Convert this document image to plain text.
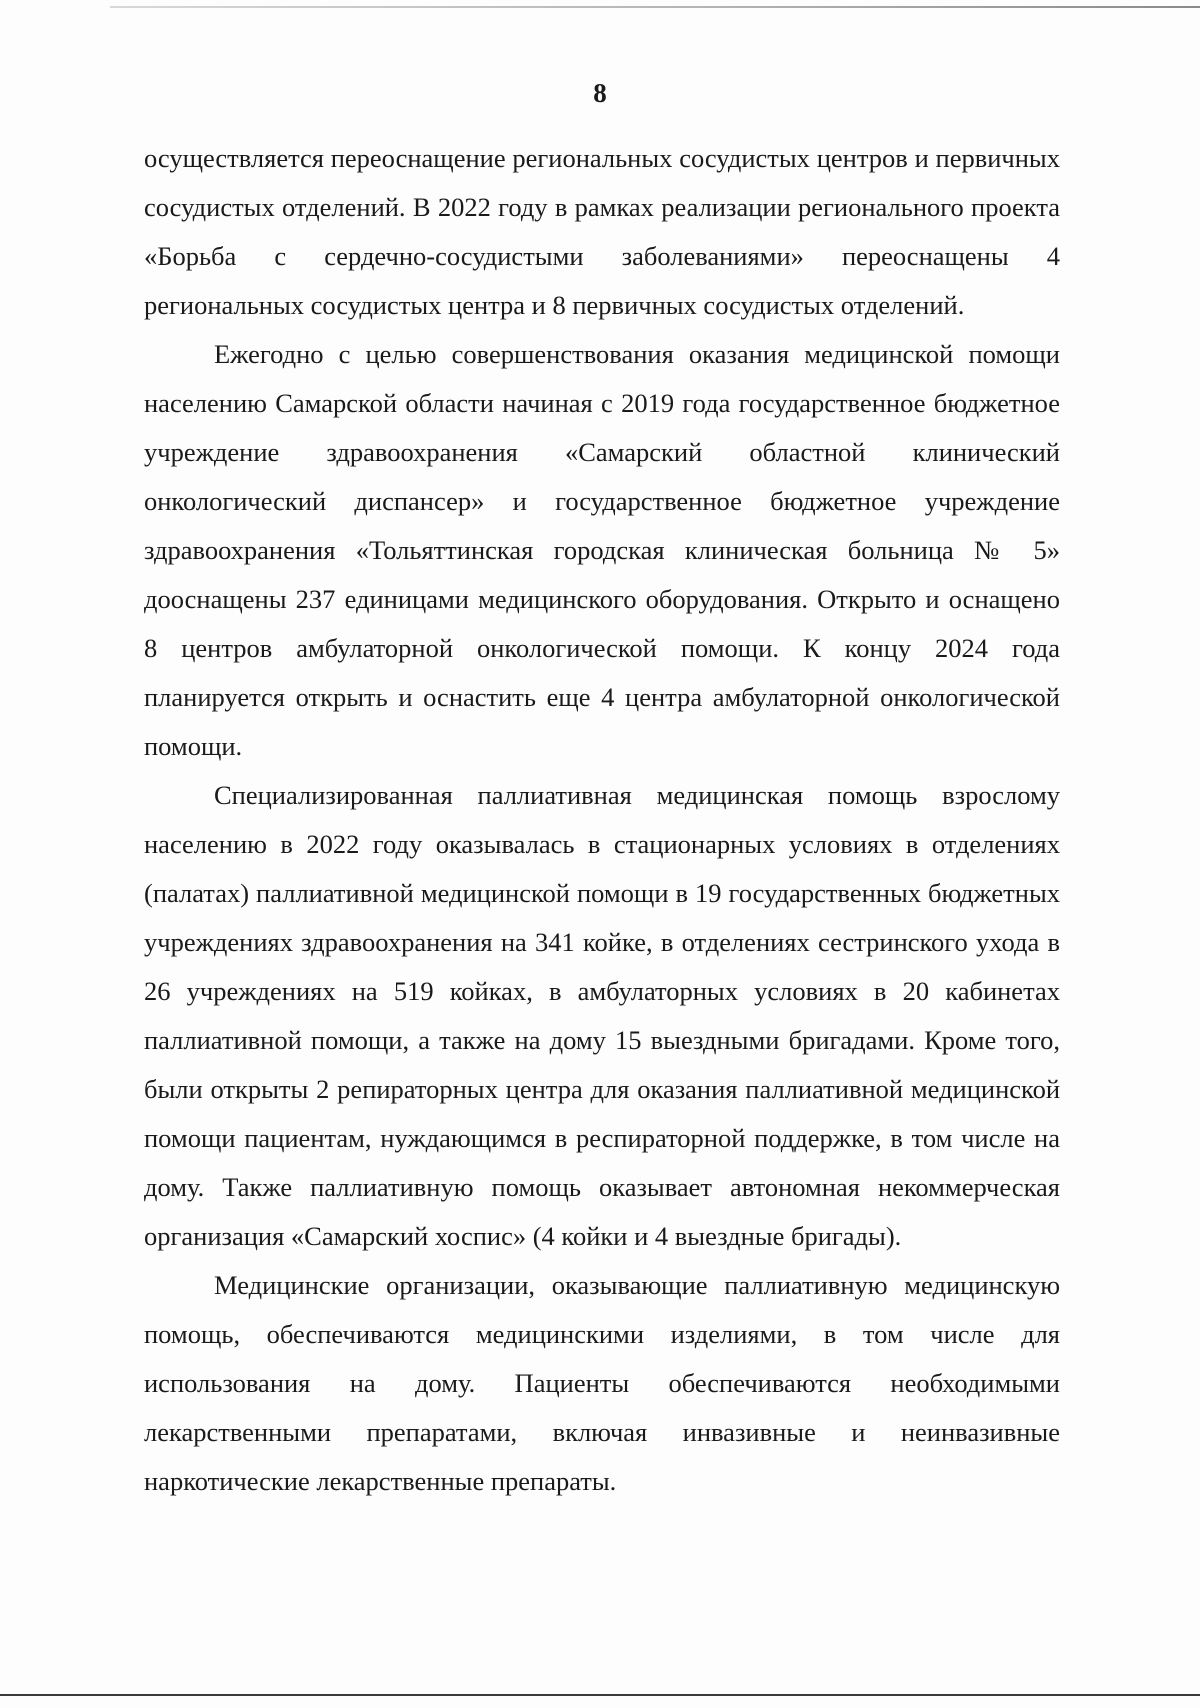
8

осуществляется переоснащение региональных сосудистых центров и первичных сосудистых отделений. В 2022 году в рамках реализации регионального проекта «Борьба с сердечно-сосудистыми заболеваниями» переоснащены 4 региональных сосудистых центра и 8 первичных сосудистых отделений.

Ежегодно с целью совершенствования оказания медицинской помощи населению Самарской области начиная с 2019 года государственное бюджетное учреждение здравоохранения «Самарский областной клинический онкологический диспансер» и государственное бюджетное учреждение здравоохранения «Тольяттинская городская клиническая больница № 5» дооснащены 237 единицами медицинского оборудования. Открыто и оснащено 8 центров амбулаторной онкологической помощи. К концу 2024 года планируется открыть и оснастить еще 4 центра амбулаторной онкологической помощи.

Специализированная паллиативная медицинская помощь взрослому населению в 2022 году оказывалась в стационарных условиях в отделениях (палатах) паллиативной медицинской помощи в 19 государственных бюджетных учреждениях здравоохранения на 341 койке, в отделениях сестринского ухода в 26 учреждениях на 519 койках, в амбулаторных условиях в 20 кабинетах паллиативной помощи, а также на дому 15 выездными бригадами. Кроме того, были открыты 2 репираторных центра для оказания паллиативной медицинской помощи пациентам, нуждающимся в респираторной поддержке, в том числе на дому. Также паллиативную помощь оказывает автономная некоммерческая организация «Самарский хоспис» (4 койки и 4 выездные бригады).

Медицинские организации, оказывающие паллиативную медицинскую помощь, обеспечиваются медицинскими изделиями, в том числе для использования на дому. Пациенты обеспечиваются необходимыми лекарственными препаратами, включая инвазивные и неинвазивные наркотические лекарственные препараты.
